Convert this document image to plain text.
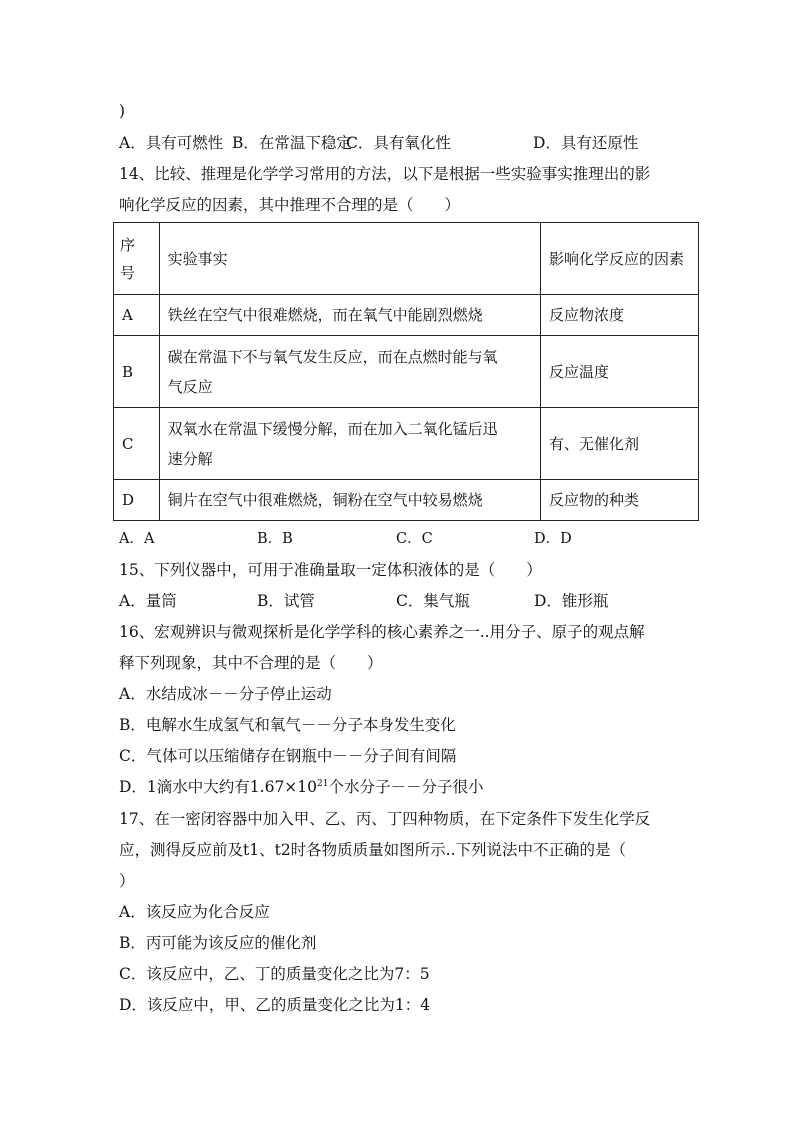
)
A．具有可燃性 B．在常温下稳定
C．具有氧化性	D．具有还原性
14、比较、推理是化学学习常用的方法，以下是根据一些实验事实推理出的影
响化学反应的因素，其中推理不合理的是（　　）
序号	实验事实	影响化学反应的因素

A	铁丝在空气中很难燃烧，而在氧气中能剧烈燃烧	反应物浓度
B	碳在常温下不与氧气发生反应，而在点燃时能与氧气反应	反应温度
C	双氧水在常温下缓慢分解，而在加入二氧化锰后迅速分解	有、无催化剂
D	铜片在空气中很难燃烧，铜粉在空气中较易燃烧	反应物的种类
A．A	B．B	C．C	D．D
15、下列仪器中，可用于准确量取一定体积液体的是（　　）
A．量筒	B．试管	C．集气瓶	D．锥形瓶
16、宏观辨识与微观探析是化学学科的核心素养之一..用分子、原子的观点解
释下列现象，其中不合理的是（　　）
A．水结成冰－－分子停止运动
B．电解水生成氢气和氧气－－分子本身发生变化
C．气体可以压缩储存在钢瓶中－－分子间有间隔
D．1滴水中大约有$1.67\times 10^{21}$个水分子－－分子很小
17、在一密闭容器中加入甲、乙、丙、丁四种物质，在下定条件下发生化学反
应，测得反应前及t1、t2时各物质质量如图所示..下列说法中不正确的是（
）
A．该反应为化合反应
B．丙可能为该反应的催化剂
C．该反应中，乙、丁的质量变化之比为7：5
D．该反应中，甲、乙的质量变化之比为1：4
